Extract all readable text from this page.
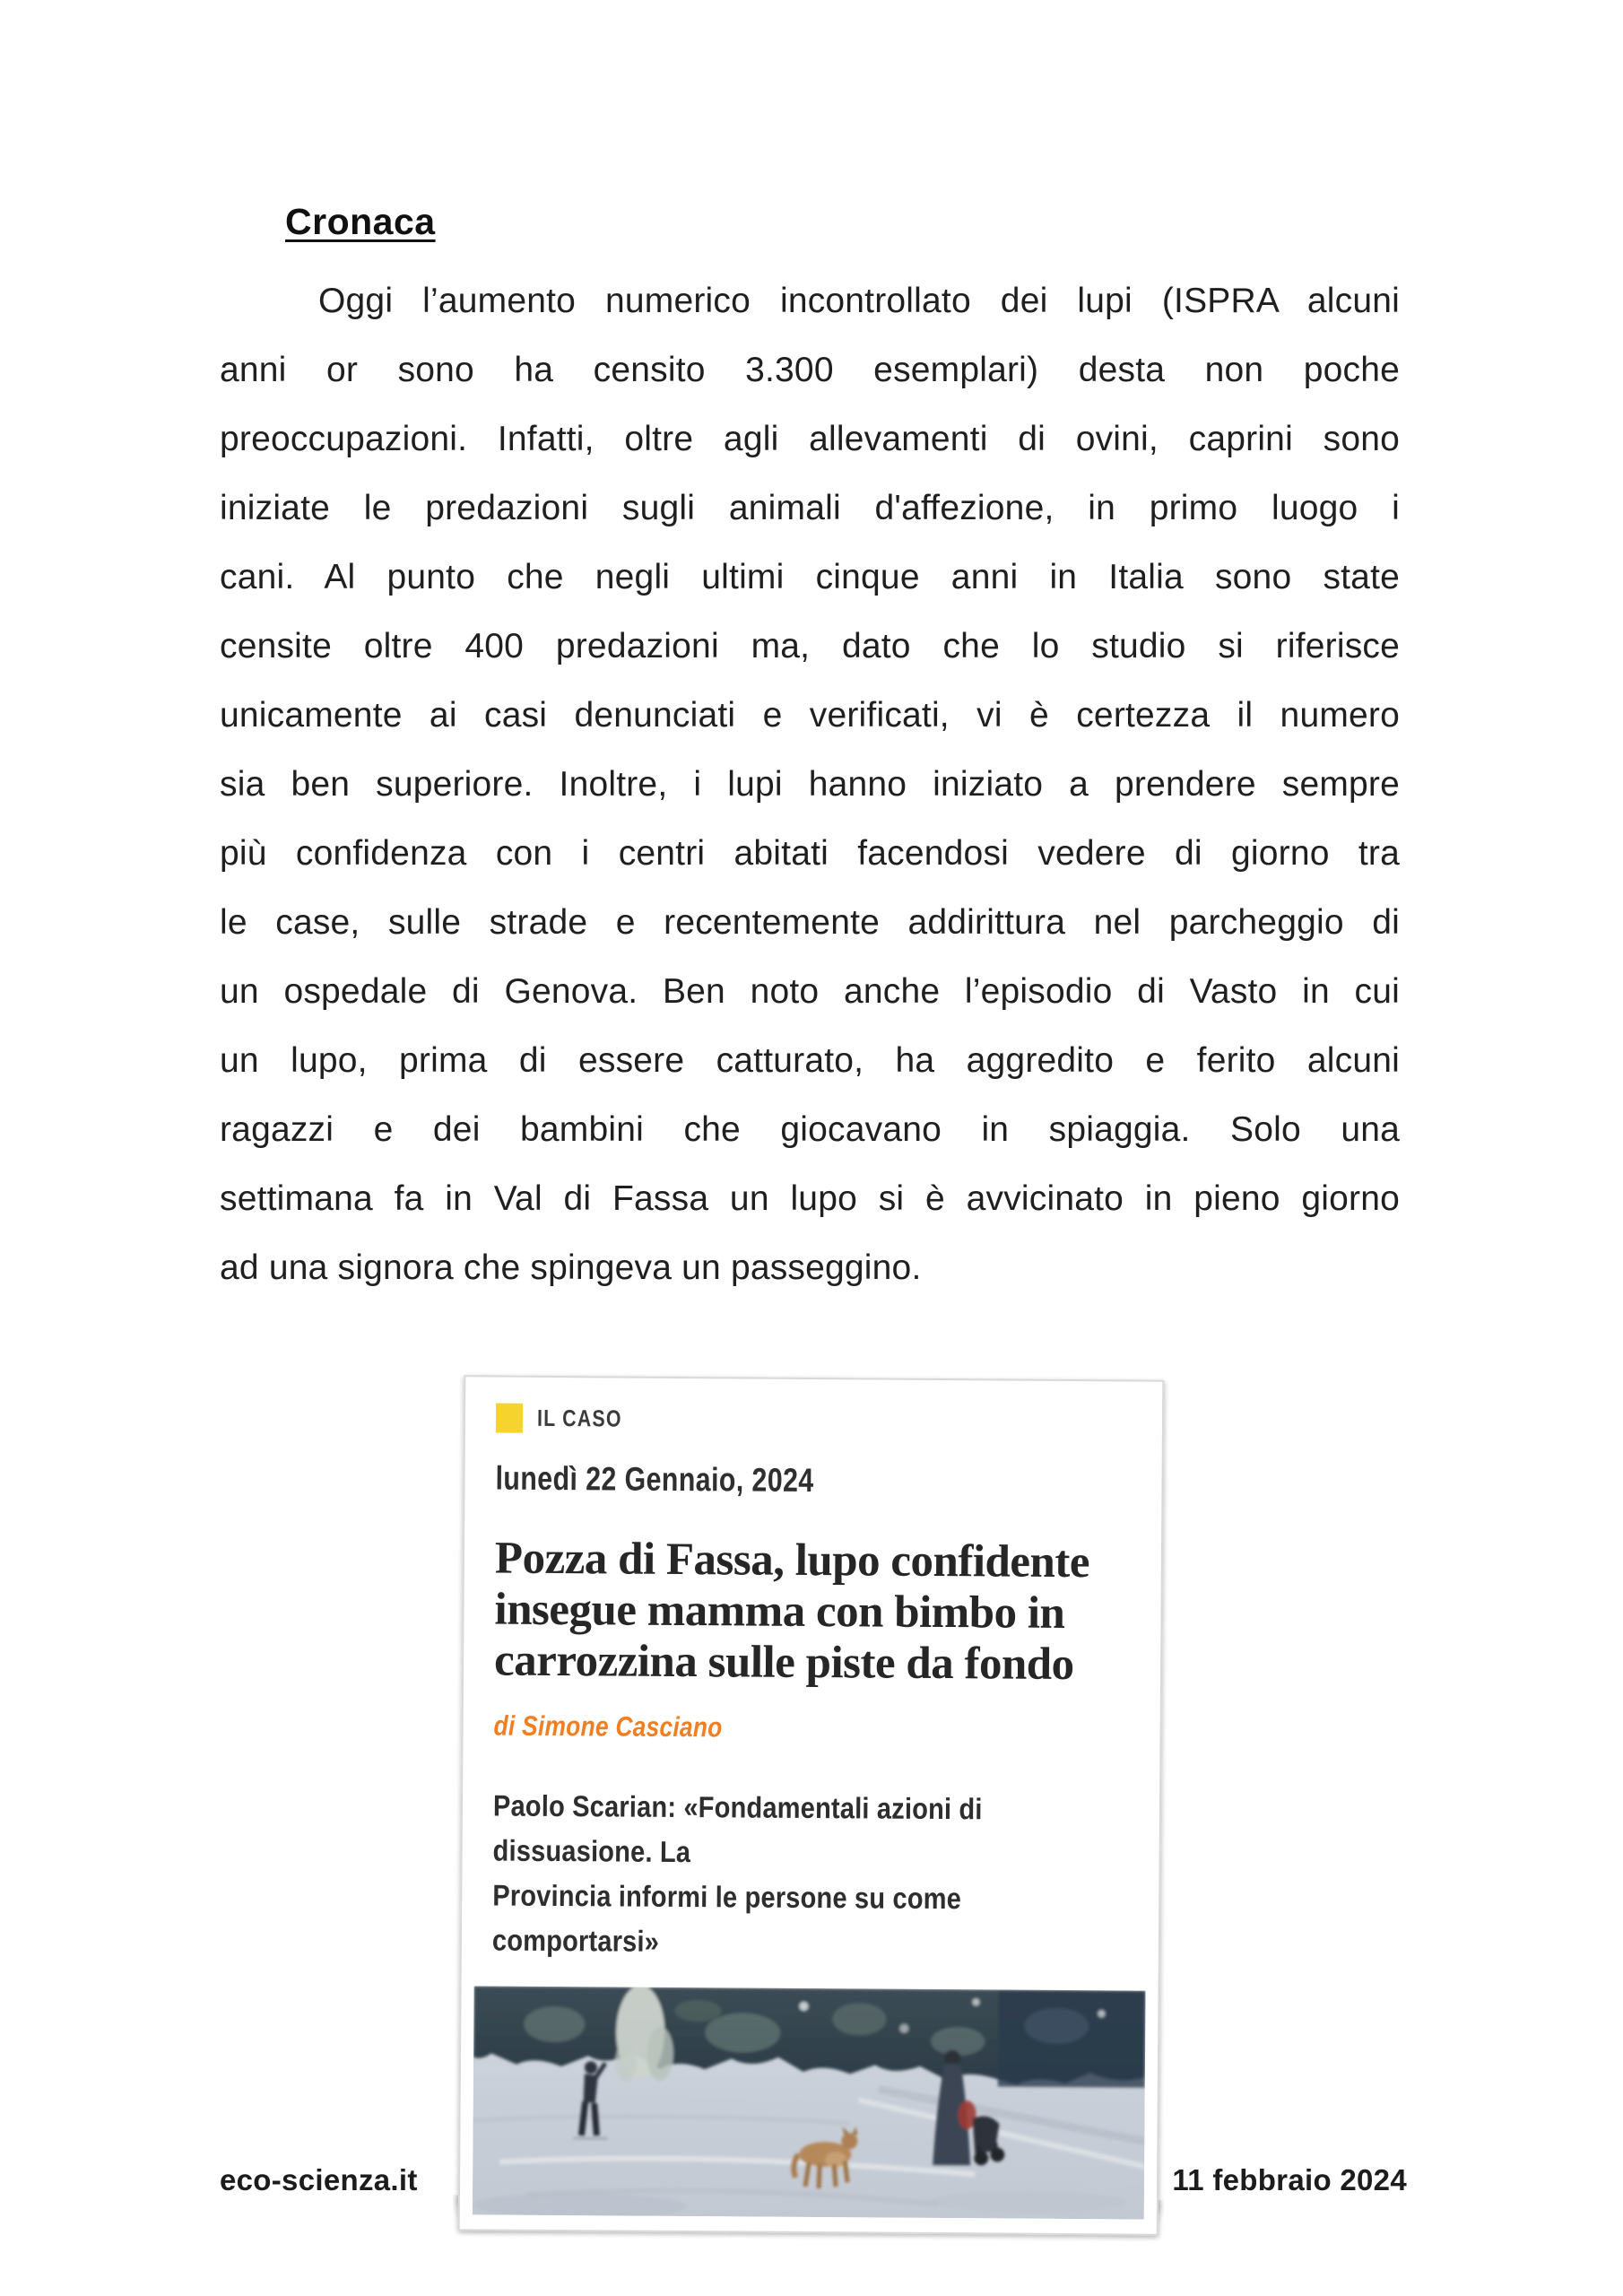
Cronaca
Oggi l’aumento numerico incontrollato dei lupi (ISPRA alcuni
anni or sono ha censito 3.300 esemplari) desta non poche
preoccupazioni. Infatti, oltre agli allevamenti di ovini, caprini sono
iniziate le predazioni sugli animali d'affezione, in primo luogo i
cani. Al punto che negli ultimi cinque anni in Italia sono state
censite oltre 400 predazioni ma, dato che lo studio si riferisce
unicamente ai casi denunciati e verificati, vi è certezza il numero
sia ben superiore. Inoltre, i lupi hanno iniziato a prendere sempre
più confidenza con i centri abitati facendosi vedere di giorno tra
le case, sulle strade e recentemente addirittura nel parcheggio di
un ospedale di Genova. Ben noto anche l’episodio di Vasto in cui
un lupo, prima di essere catturato, ha aggredito e ferito alcuni
ragazzi e dei bambini che giocavano in spiaggia. Solo una
settimana fa in Val di Fassa un lupo si è avvicinato in pieno giorno
ad una signora che spingeva un passeggino.
IL CASO
lunedì 22 Gennaio, 2024
Pozza di Fassa, lupo confidente
insegue mamma con bimbo in
carrozzina sulle piste da fondo
di Simone Casciano
Paolo Scarian: «Fondamentali azioni di dissuasione. La
Provincia informi le persone su come comportarsi»
eco-scienza.it	11 febbraio 2024
